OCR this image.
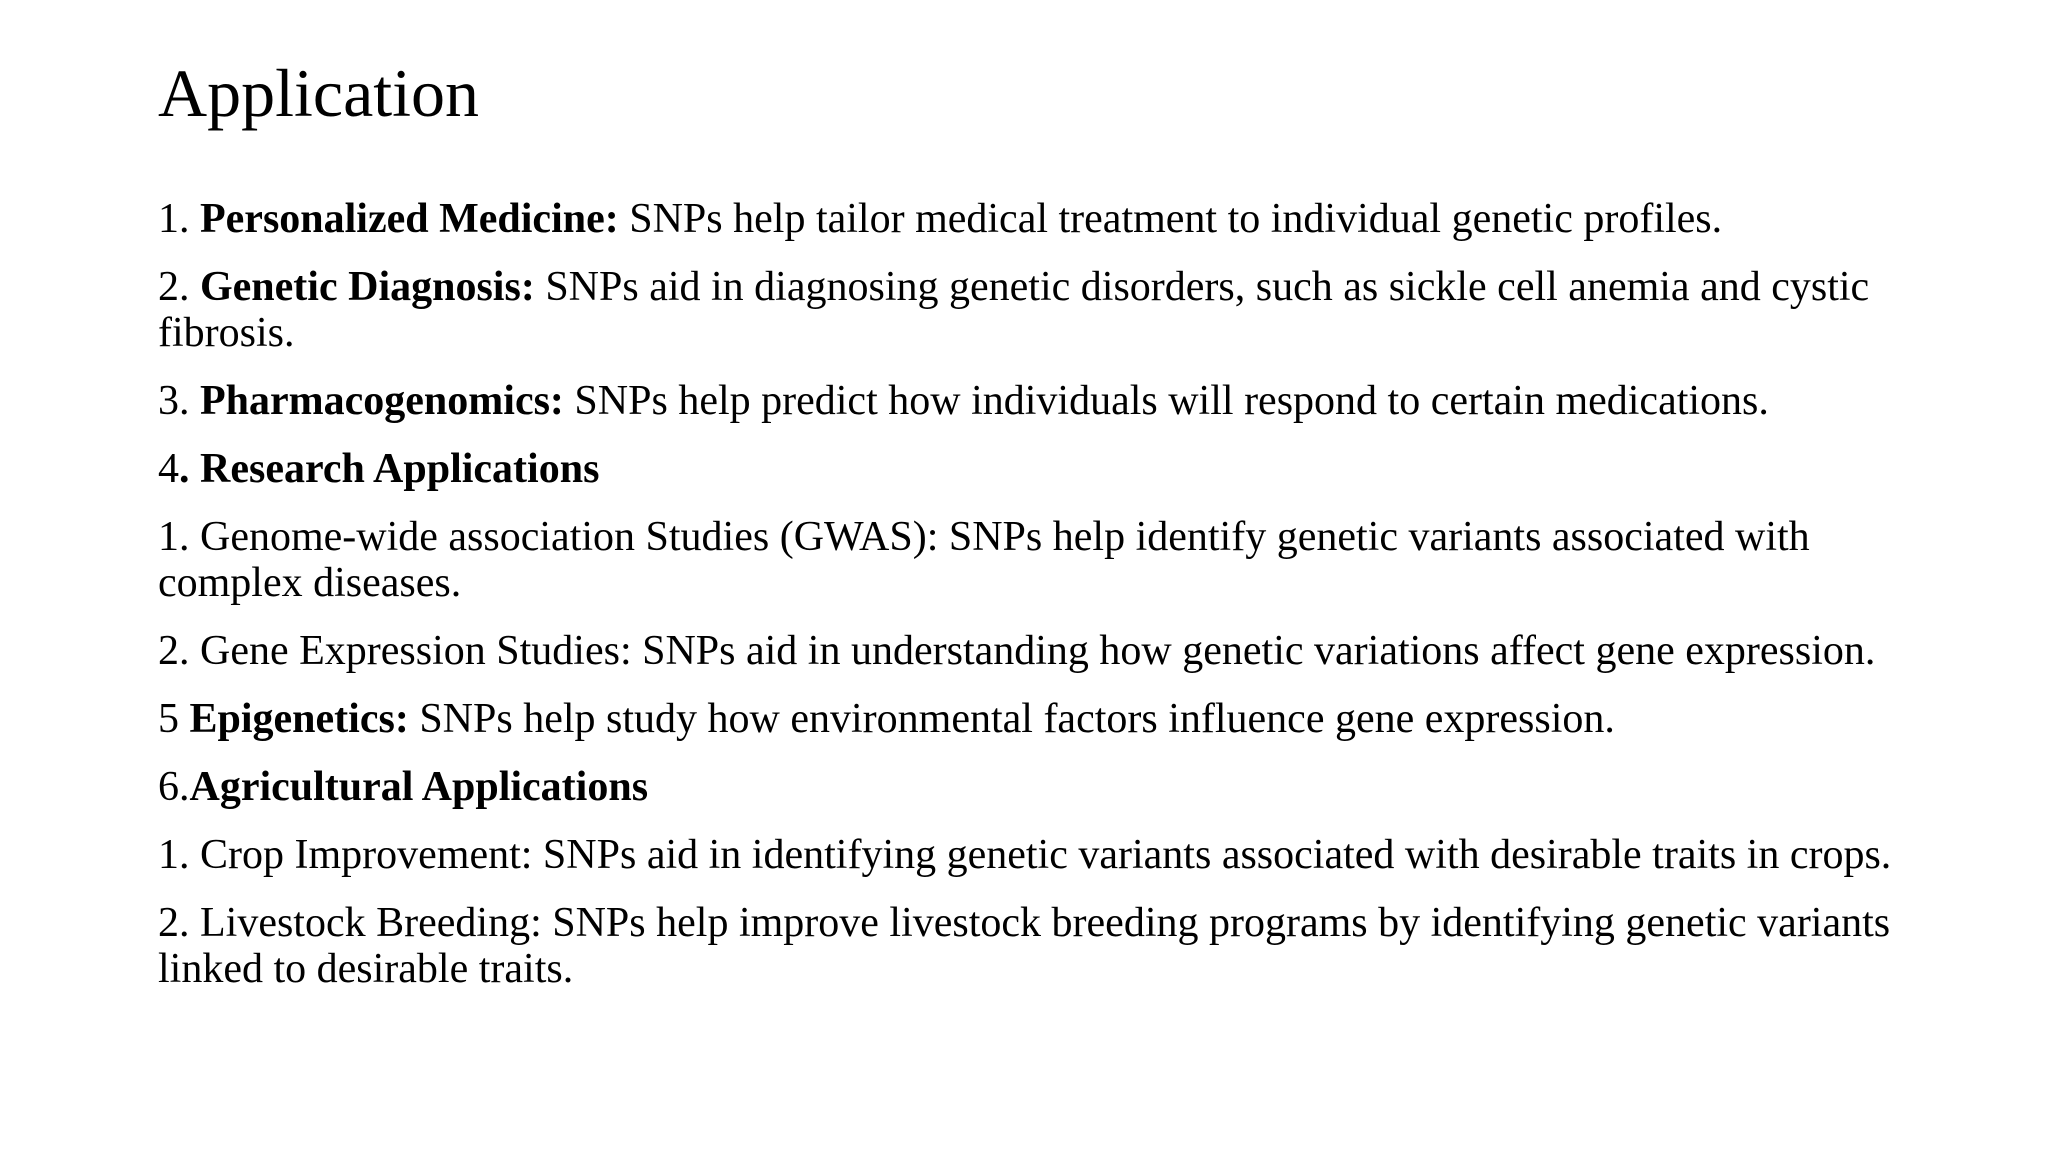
Application

1. Personalized Medicine: SNPs help tailor medical treatment to individual genetic profiles.

2. Genetic Diagnosis: SNPs aid in diagnosing genetic disorders, such as sickle cell anemia and cystic fibrosis.

3. Pharmacogenomics: SNPs help predict how individuals will respond to certain medications.

4. Research Applications

1. Genome-wide association Studies (GWAS): SNPs help identify genetic variants associated with complex diseases.

2. Gene Expression Studies: SNPs aid in understanding how genetic variations affect gene expression.

5 Epigenetics: SNPs help study how environmental factors influence gene expression.

6.Agricultural Applications

1. Crop Improvement: SNPs aid in identifying genetic variants associated with desirable traits in crops.

2. Livestock Breeding: SNPs help improve livestock breeding programs by identifying genetic variants linked to desirable traits.
